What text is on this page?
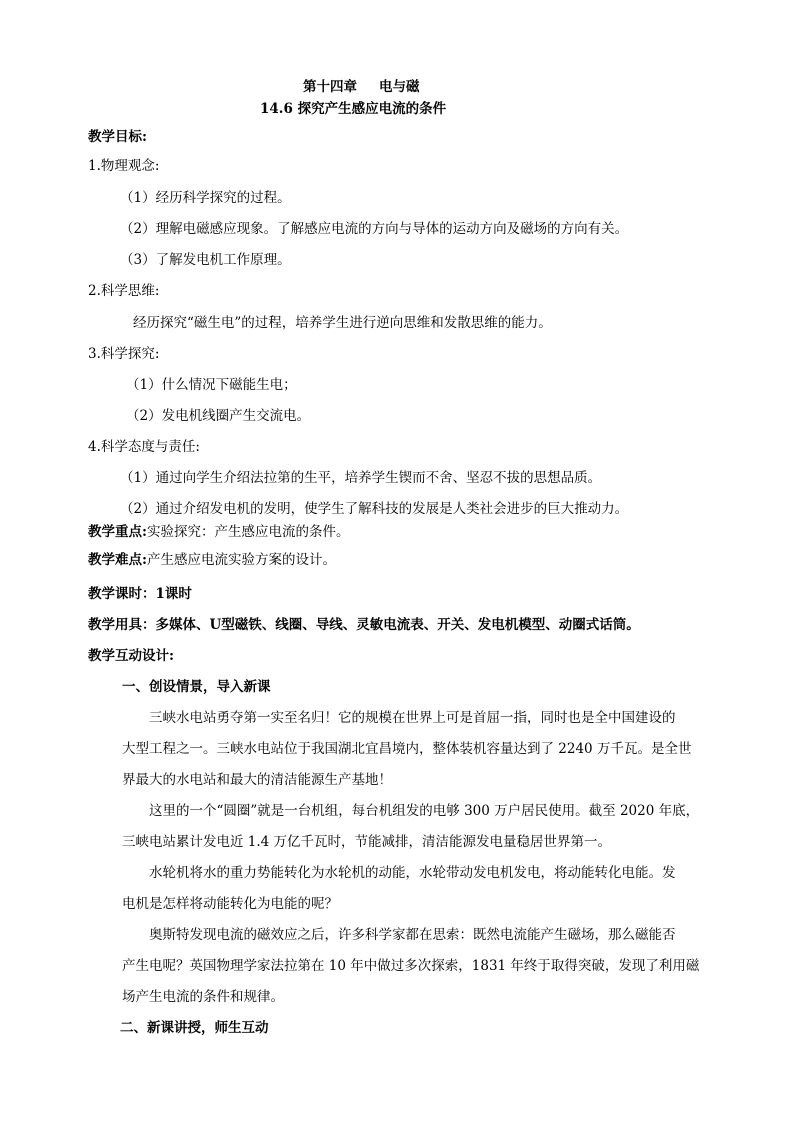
第十四章 电与磁
14.6 探究产生感应电流的条件
教学目标:
1.物理观念:
（1）经历科学探究的过程。
（2）理解电磁感应现象。了解感应电流的方向与导体的运动方向及磁场的方向有关。
（3）了解发电机工作原理。
2.科学思维:
经历探究“磁生电”的过程，培养学生进行逆向思维和发散思维的能力。
3.科学探究:
（1）什么情况下磁能生电；
（2）发电机线圈产生交流电。
4.科学态度与责任:
（1）通过向学生介绍法拉第的生平，培养学生锲而不舍、坚忍不拔的思想品质。
（2）通过介绍发电机的发明，使学生了解科技的发展是人类社会进步的巨大推动力。
教学重点:实验探究：产生感应电流的条件。
教学难点:产生感应电流实验方案的设计。
教学课时：1课时
教学用具：多媒体、U型磁铁、线圈、导线、灵敏电流表、开关、发电机模型、动圈式话筒。
教学互动设计:
一、创设情景，导入新课
三峡水电站勇夺第一实至名归！它的规模在世界上可是首屈一指，同时也是全中国建设的
大型工程之一。三峡水电站位于我国湖北宜昌境内，整体装机容量达到了 2240 万千瓦。是全世
界最大的水电站和最大的清洁能源生产基地！
这里的一个“圆圈”就是一台机组，每台机组发的电够 300 万户居民使用。截至 2020 年底，
三峡电站累计发电近 1.4 万亿千瓦时，节能减排，清洁能源发电量稳居世界第一。
水轮机将水的重力势能转化为水轮机的动能，水轮带动发电机发电，将动能转化电能。发
电机是怎样将动能转化为电能的呢？
奥斯特发现电流的磁效应之后，许多科学家都在思索：既然电流能产生磁场，那么磁能否
产生电呢？英国物理学家法拉第在 10 年中做过多次探索，1831 年终于取得突破，发现了利用磁
场产生电流的条件和规律。
二、新课讲授，师生互动
